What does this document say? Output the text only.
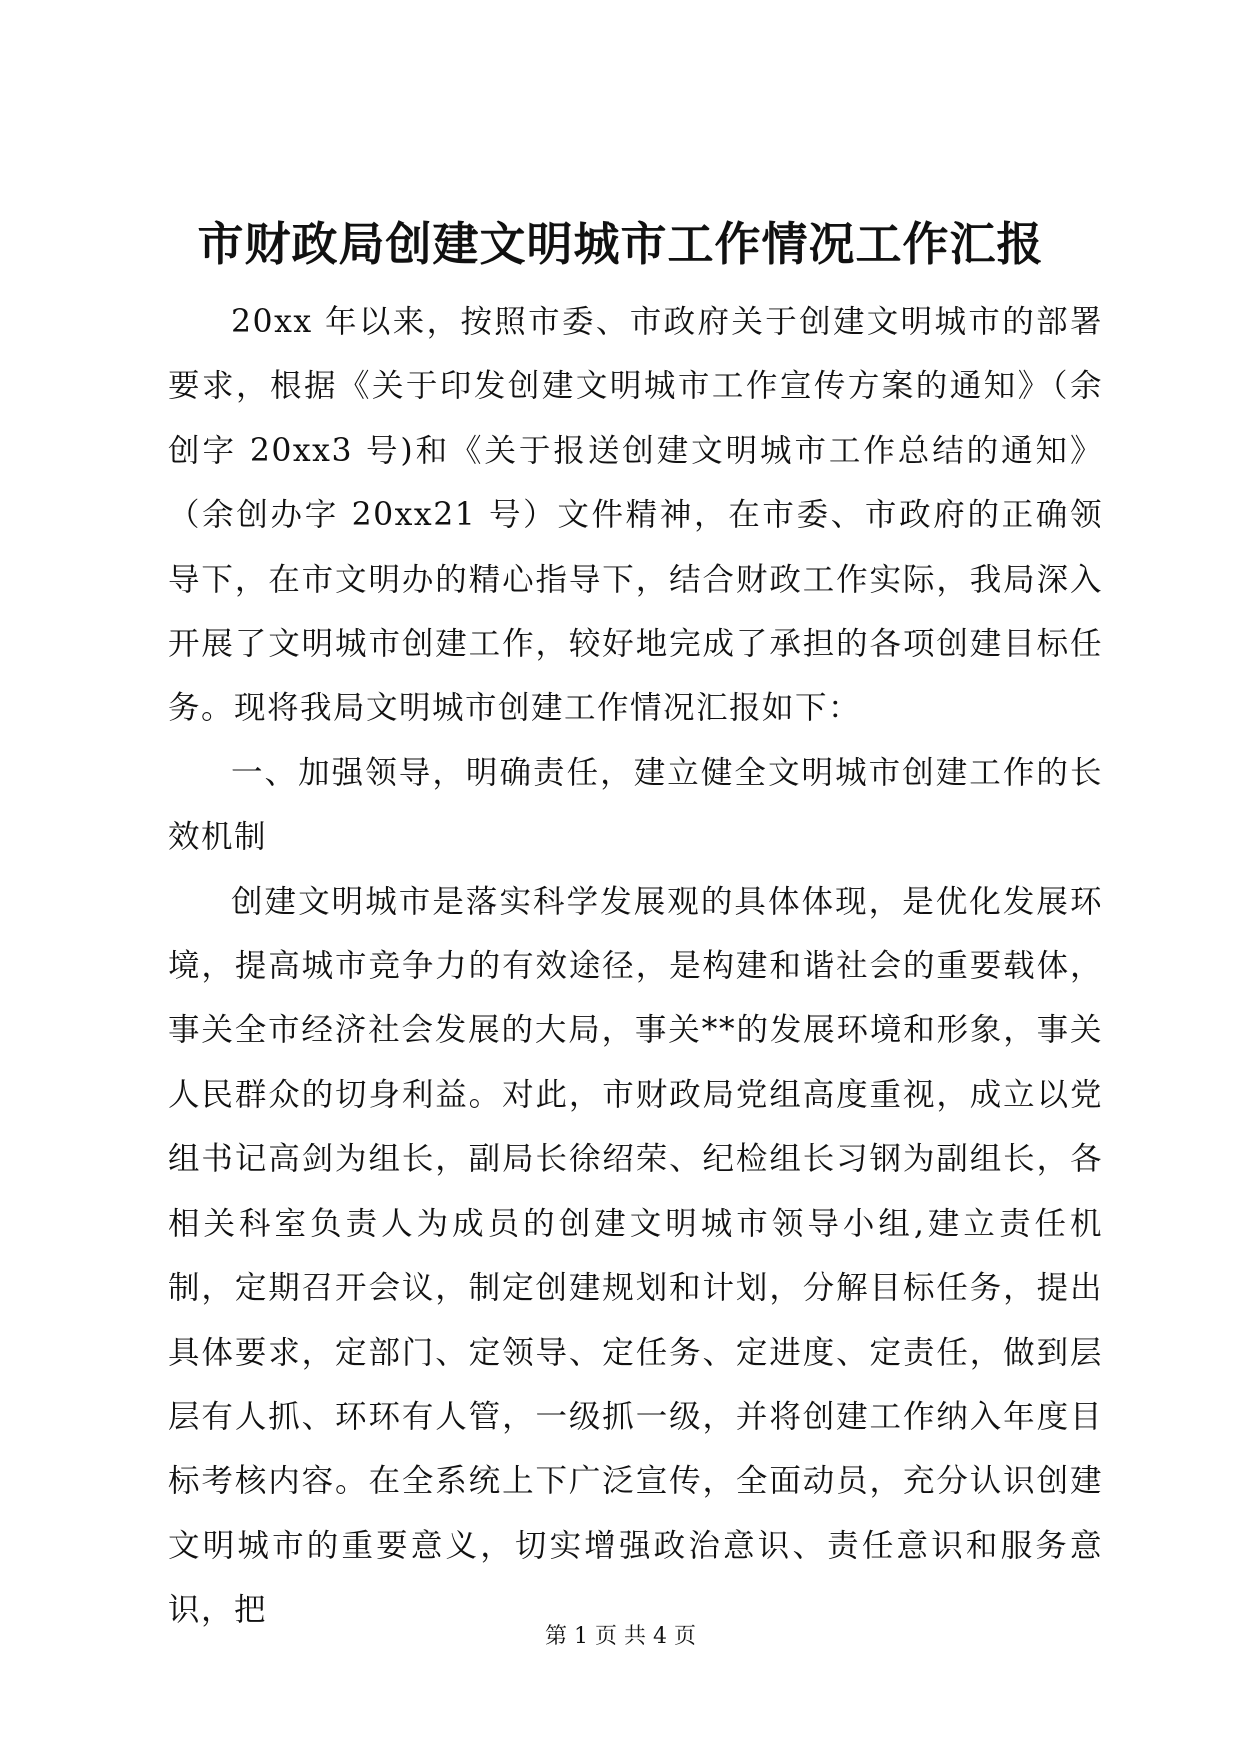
市财政局创建文明城市工作情况工作汇报

20xx 年以来，按照市委、市政府关于创建文明城市的部署要求，根据《关于印发创建文明城市工作宣传方案的通知》（余创字 20xx3 号)和《关于报送创建文明城市工作总结的通知》（余创办字 20xx21 号）文件精神，在市委、市政府的正确领导下，在市文明办的精心指导下，结合财政工作实际，我局深入开展了文明城市创建工作，较好地完成了承担的各项创建目标任务。现将我局文明城市创建工作情况汇报如下：

一、加强领导，明确责任，建立健全文明城市创建工作的长效机制

创建文明城市是落实科学发展观的具体体现，是优化发展环境，提高城市竞争力的有效途径，是构建和谐社会的重要载体，事关全市经济社会发展的大局，事关**的发展环境和形象，事关人民群众的切身利益。对此，市财政局党组高度重视，成立以党组书记高剑为组长，副局长徐绍荣、纪检组长习钢为副组长，各相关科室负责人为成员的创建文明城市领导小组,建立责任机制，定期召开会议，制定创建规划和计划，分解目标任务，提出具体要求，定部门、定领导、定任务、定进度、定责任，做到层层有人抓、环环有人管，一级抓一级，并将创建工作纳入年度目标考核内容。在全系统上下广泛宣传，全面动员，充分认识创建文明城市的重要意义，切实增强政治意识、责任意识和服务意识，把

第 1 页 共 4 页
